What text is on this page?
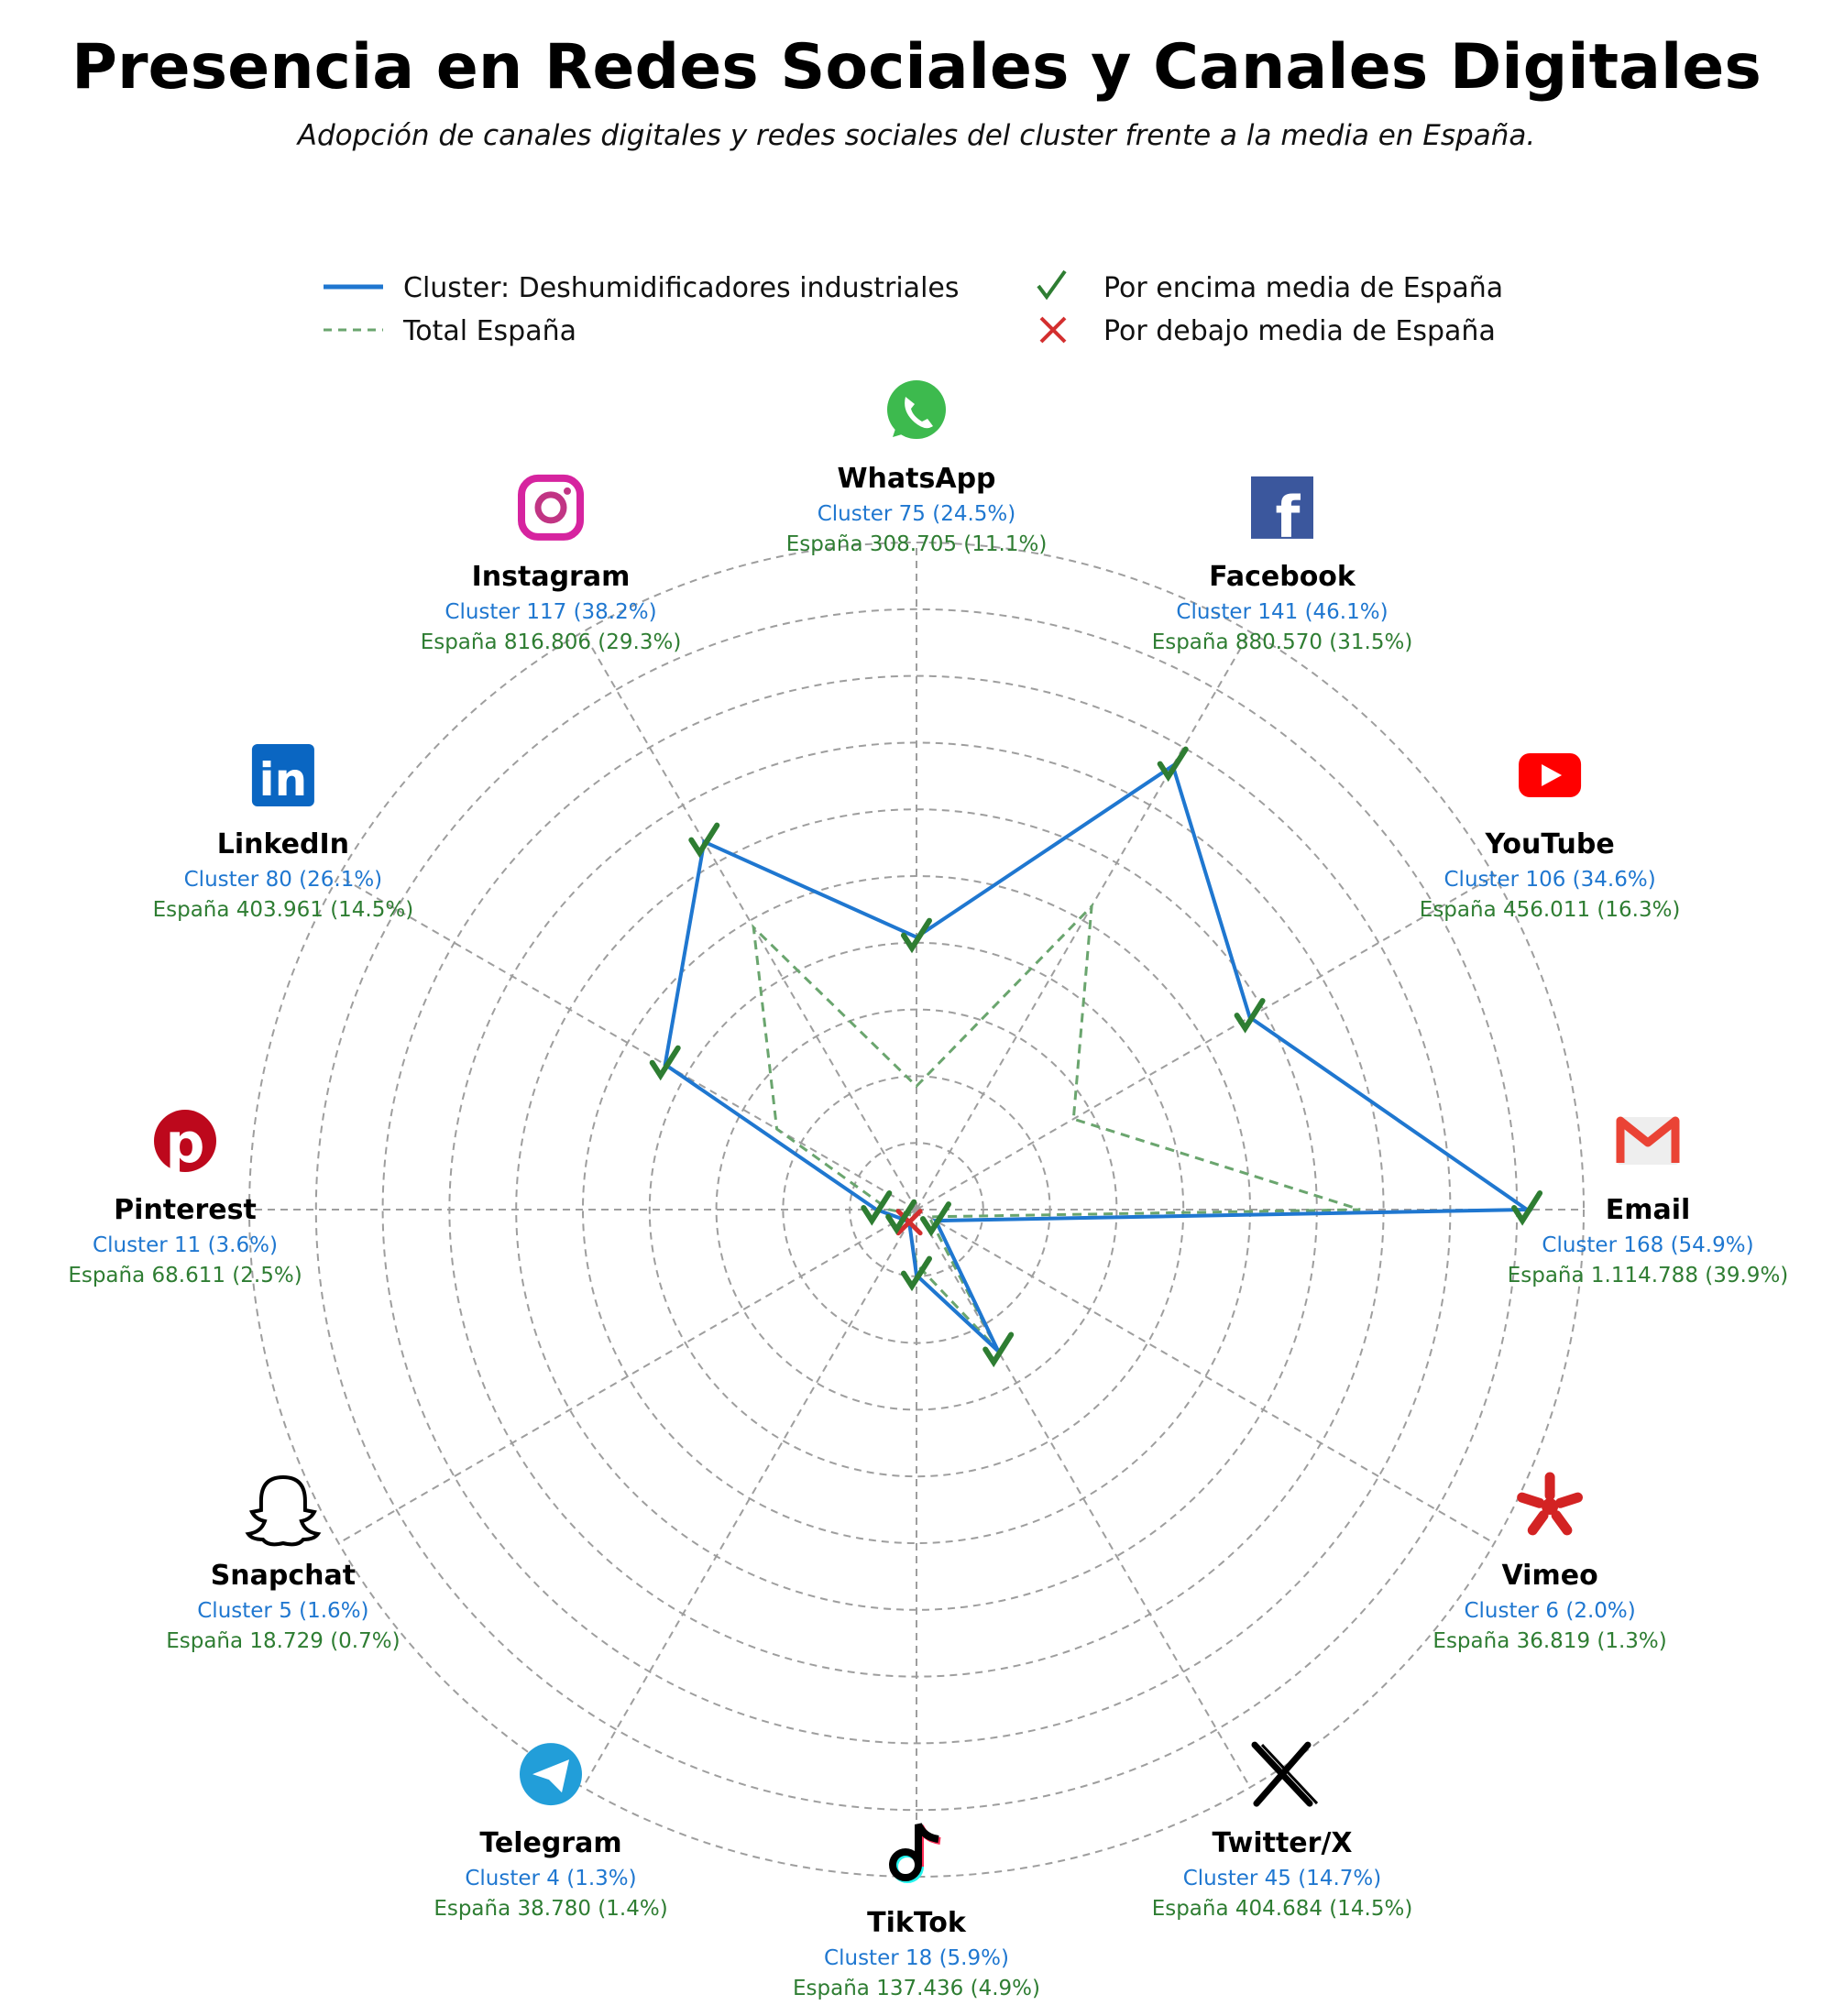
Presencia en Redes Sociales y Canales Digitales
Adopción de canales digitales y redes sociales del cluster frente a la media en España.
Cluster: Deshumidificadores industriales
Total España
Por encima media de España
Por debajo media de España
WhatsApp
Cluster 75 (24.5%)
España 308.705 (11.1%)	f
Facebook
Cluster 141 (46.1%)
España 880.570 (31.5%)
YouTube
Cluster 106 (34.6%)
España 456.011 (16.3%)
Email
Cluster 168 (54.9%)
España 1.114.788 (39.9%)
Vimeo
Cluster 6 (2.0%)
España 36.819 (1.3%)
Twitter/X
Cluster 45 (14.7%)
España 404.684 (14.5%)
TikTok
Cluster 18 (5.9%)
España 137.436 (4.9%)
Telegram
Cluster 4 (1.3%)
España 38.780 (1.4%)
Snapchat
Cluster 5 (1.6%)
España 18.729 (0.7%)
p
Pinterest
Cluster 11 (3.6%)
España 68.611 (2.5%)
in
LinkedIn
Cluster 80 (26.1%)
España 403.961 (14.5%)
Instagram
Cluster 117 (38.2%)
España 816.806 (29.3%)
